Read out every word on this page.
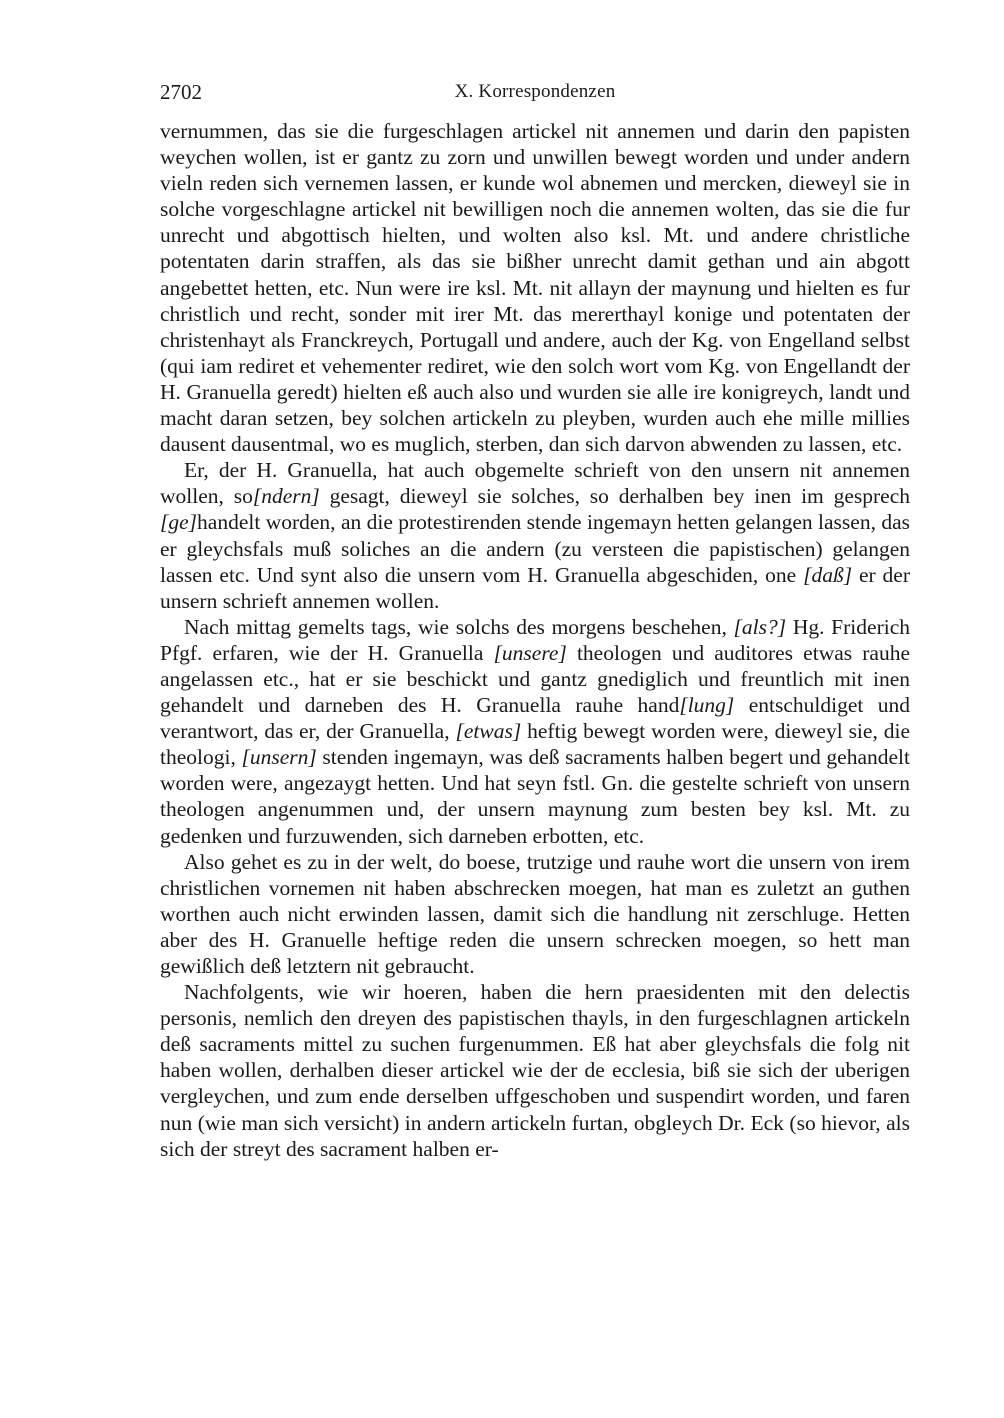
2702	X. Korrespondenzen

vernummen, das sie die furgeschlagen artickel nit annemen und darin den papisten weychen wollen, ist er gantz zu zorn und unwillen bewegt worden und under andern vieln reden sich vernemen lassen, er kunde wol abnemen und mercken, dieweyl sie in solche vorgeschlagne artickel nit bewilligen noch die annemen wolten, das sie die fur unrecht und abgottisch hielten, und wolten also ksl. Mt. und andere christliche potentaten darin straffen, als das sie bißher unrecht damit gethan und ain abgott angebettet hetten, etc. Nun were ire ksl. Mt. nit allayn der maynung und hielten es fur christlich und recht, sonder mit irer Mt. das mererthayl konige und potentaten der christenhayt als Franckreych, Portugall und andere, auch der Kg. von Engelland selbst (qui iam rediret et vehementer rediret, wie den solch wort vom Kg. von Engellandt der H. Granuella geredt) hielten eß auch also und wurden sie alle ire konigreych, landt und macht daran setzen, bey solchen artickeln zu pleyben, wurden auch ehe mille millies dausent dausentmal, wo es muglich, sterben, dan sich darvon abwenden zu lassen, etc.

Er, der H. Granuella, hat auch obgemelte schrieft von den unsern nit annemen wollen, so[ndern] gesagt, dieweyl sie solches, so derhalben bey inen im gesprech [ge]handelt worden, an die protestirenden stende ingemayn hetten gelangen lassen, das er gleychsfals muß soliches an die andern (zu versteen die papistischen) gelangen lassen etc. Und synt also die unsern vom H. Granuella abgeschiden, one [daß] er der unsern schrieft annemen wollen.

Nach mittag gemelts tags, wie solchs des morgens beschehen, [als?] Hg. Friderich Pfgf. erfaren, wie der H. Granuella [unsere] theologen und auditores etwas rauhe angelassen etc., hat er sie beschickt und gantz gnediglich und freuntlich mit inen gehandelt und darneben des H. Granuella rauhe hand[lung] entschuldiget und verantwort, das er, der Granuella, [etwas] heftig bewegt worden were, dieweyl sie, die theologi, [unsern] stenden ingemayn, was deß sacraments halben begert und gehandelt worden were, angezaygt hetten. Und hat seyn fstl. Gn. die gestelte schrieft von unsern theologen angenummen und, der unsern maynung zum besten bey ksl. Mt. zu gedenken und furzuwenden, sich darneben erbotten, etc.

Also gehet es zu in der welt, do boese, trutzige und rauhe wort die unsern von irem christlichen vornemen nit haben abschrecken moegen, hat man es zuletzt an guthen worthen auch nicht erwinden lassen, damit sich die handlung nit zerschluge. Hetten aber des H. Granuelle heftige reden die unsern schrecken moegen, so hett man gewißlich deß letztern nit gebraucht.

Nachfolgents, wie wir hoeren, haben die hern praesidenten mit den delectis personis, nemlich den dreyen des papistischen thayls, in den furgeschlagnen artickeln deß sacraments mittel zu suchen furgenummen. Eß hat aber gleychsfals die folg nit haben wollen, derhalben dieser artickel wie der de ecclesia, biß sie sich der uberigen vergleychen, und zum ende derselben uffgeschoben und suspendirt worden, und faren nun (wie man sich versicht) in andern artickeln furtan, obgleych Dr. Eck (so hievor, als sich der streyt des sacrament halben er-
